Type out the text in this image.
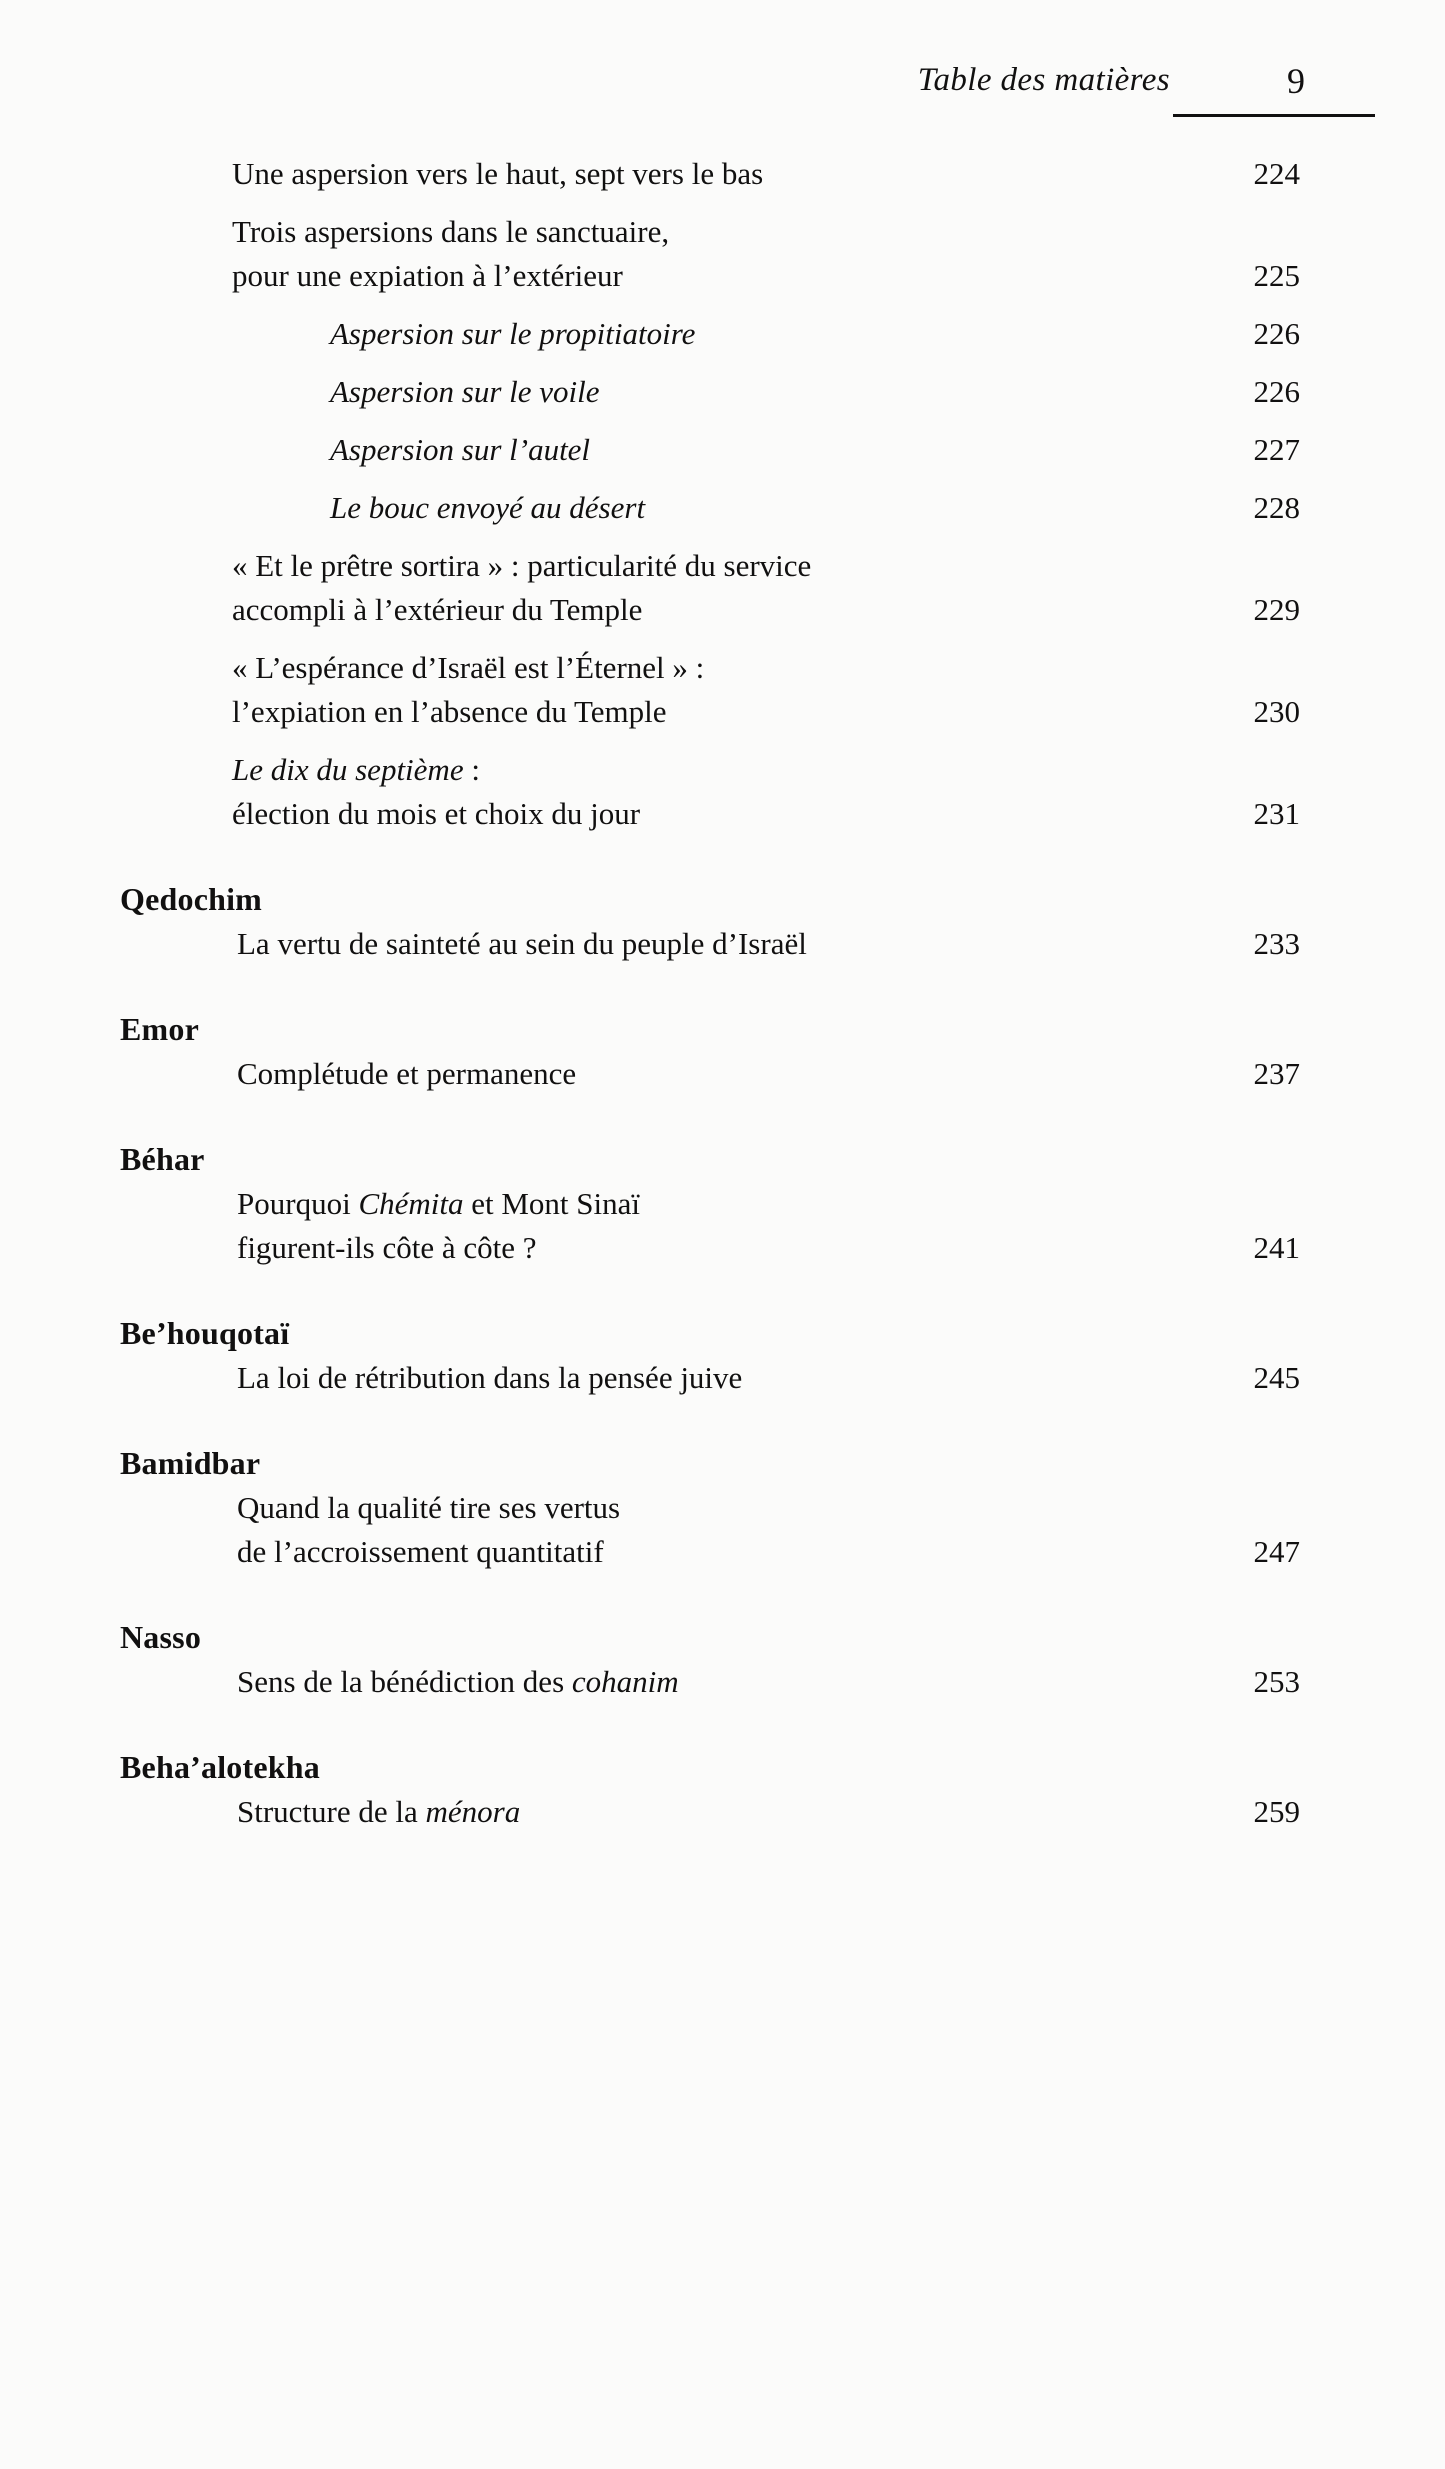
Table des matières	9
Une aspersion vers le haut, sept vers le bas	224
Trois aspersions dans le sanctuaire,
pour une expiation à l’extérieur	225
Aspersion sur le propitiatoire	226
Aspersion sur le voile	226
Aspersion sur l’autel	227
Le bouc envoyé au désert	228
« Et le prêtre sortira » : particularité du service
accompli à l’extérieur du Temple	229
« L’espérance d’Israël est l’Éternel » :
l’expiation en l’absence du Temple	230
Le dix du septième :
élection du mois et choix du jour	231
Qedochim
La vertu de sainteté au sein du peuple d’Israël	233
Emor
Complétude et permanence	237
Béhar
Pourquoi Chémita et Mont Sinaï
figurent-ils côte à côte ?	241
Be’houqotaï
La loi de rétribution dans la pensée juive	245
Bamidbar
Quand la qualité tire ses vertus
de l’accroissement quantitatif	247
Nasso
Sens de la bénédiction des cohanim	253
Beha’alotekha
Structure de la ménora	259
